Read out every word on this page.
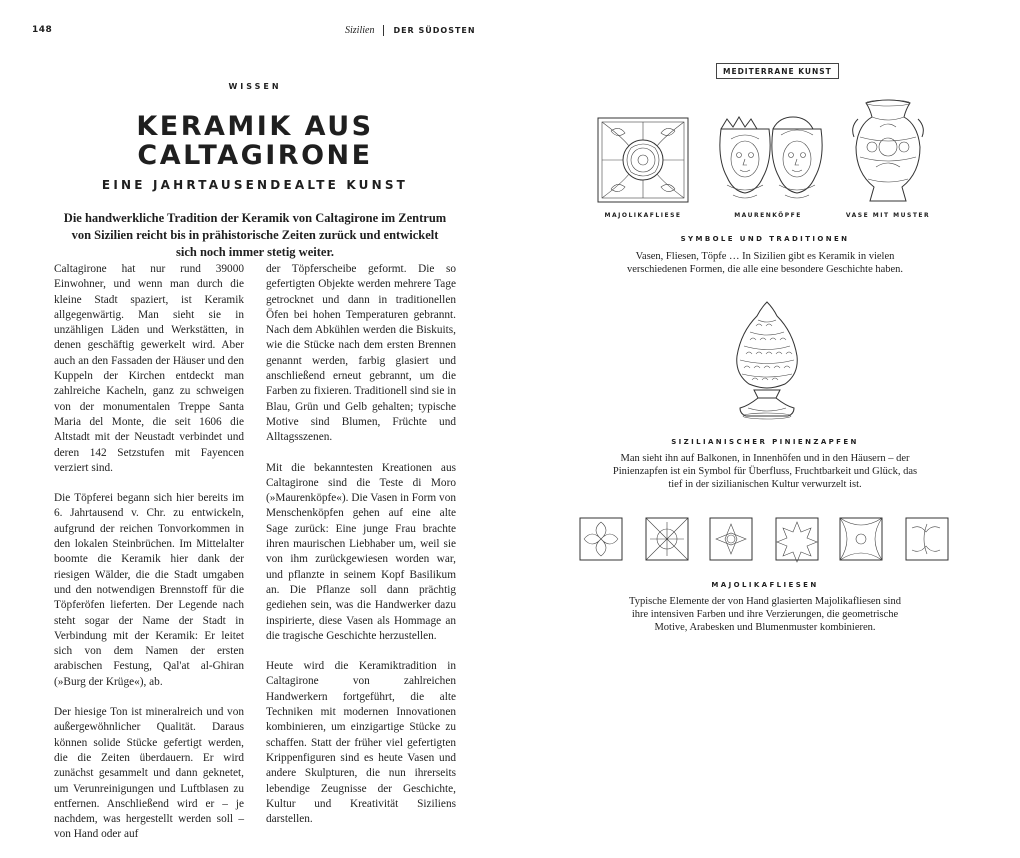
148	Sizilien DER SÜDOSTEN
WISSEN
KERAMIK AUS CALTAGIRONE
EINE JAHRTAUSENDEALTE KUNST
Die handwerkliche Tradition der Keramik von Caltagirone im Zentrum von Sizilien reicht bis in prähistorische Zeiten zurück und entwickelt sich noch immer stetig weiter.

Caltagirone hat nur rund 39000 Einwohner, und wenn man durch die kleine Stadt spaziert, ist Keramik allgegenwärtig. Man sieht sie in unzähligen Läden und Werkstätten, in denen geschäftig gewerkelt wird. Aber auch an den Fassaden der Häuser und den Kuppeln der Kirchen entdeckt man zahlreiche Kacheln, ganz zu schweigen von der monumentalen Treppe Santa Maria del Monte, die seit 1606 die Altstadt mit der Neustadt verbindet und deren 142 Setzstufen mit Fayencen verziert sind.

Die Töpferei begann sich hier bereits im 6. Jahrtausend v. Chr. zu entwickeln, aufgrund der reichen Tonvorkommen in den lokalen Steinbrüchen. Im Mittelalter boomte die Keramik hier dank der riesigen Wälder, die die Stadt umgaben und den notwendigen Brennstoff für die Töpferöfen lieferten. Der Legende nach steht sogar der Name der Stadt in Verbindung mit der Keramik: Er leitet sich von dem Namen der ersten arabischen Festung, Qal'at al-Ghiran (»Burg der Krüge«), ab.

Der hiesige Ton ist mineralreich und von außergewöhnlicher Qualität. Daraus können solide Stücke gefertigt werden, die die Zeiten überdauern. Er wird zunächst gesammelt und dann geknetet, um Verunreinigungen und Luftblasen zu entfernen. Anschließend wird er – je nachdem, was hergestellt werden soll – von Hand oder auf

der Töpferscheibe geformt. Die so gefertigten Objekte werden mehrere Tage getrocknet und dann in traditionellen Öfen bei hohen Temperaturen gebrannt. Nach dem Abkühlen werden die Biskuits, wie die Stücke nach dem ersten Brennen genannt werden, farbig glasiert und anschließend erneut gebrannt, um die Farben zu fixieren. Traditionell sind sie in Blau, Grün und Gelb gehalten; typische Motive sind Blumen, Früchte und Alltagsszenen.

Mit die bekanntesten Kreationen aus Caltagirone sind die Teste di Moro (»Maurenköpfe«). Die Vasen in Form von Menschenköpfen gehen auf eine alte Sage zurück: Eine junge Frau brachte ihren maurischen Liebhaber um, weil sie von ihm zurückgewiesen worden war, und pflanzte in seinem Kopf Basilikum an. Die Pflanze soll dann prächtig gediehen sein, was die Handwerker dazu inspirierte, diese Vasen als Hommage an die tragische Geschichte herzustellen.

Heute wird die Keramiktradition in Caltagirone von zahlreichen Handwerkern fortgeführt, die alte Techniken mit modernen Innovationen kombinieren, um einzigartige Stücke zu schaffen. Statt der früher viel gefertigten Krippenfiguren sind es heute Vasen und andere Skulpturen, die nun ihrerseits lebendige Zeugnisse der Geschichte, Kultur und Kreativität Siziliens darstellen.

MEDITERRANE KUNST
MAJOLIKAFLIESE	MAURENKÖPFE	VASE MIT MUSTER
SYMBOLE UND TRADITIONEN
Vasen, Fliesen, Töpfe … In Sizilien gibt es Keramik in vielen verschiedenen Formen, die alle eine besondere Geschichte haben.
SIZILIANISCHER PINIENZAPFEN
Man sieht ihn auf Balkonen, in Innenhöfen und in den Häusern – der Pinienzapfen ist ein Symbol für Überfluss, Fruchtbarkeit und Glück, das tief in der sizilianischen Kultur verwurzelt ist.
MAJOLIKAFLIESEN
Typische Elemente der von Hand glasierten Majolikafliesen sind ihre intensiven Farben und ihre Verzierungen, die geometrische Motive, Arabesken und Blumenmuster kombinieren.
